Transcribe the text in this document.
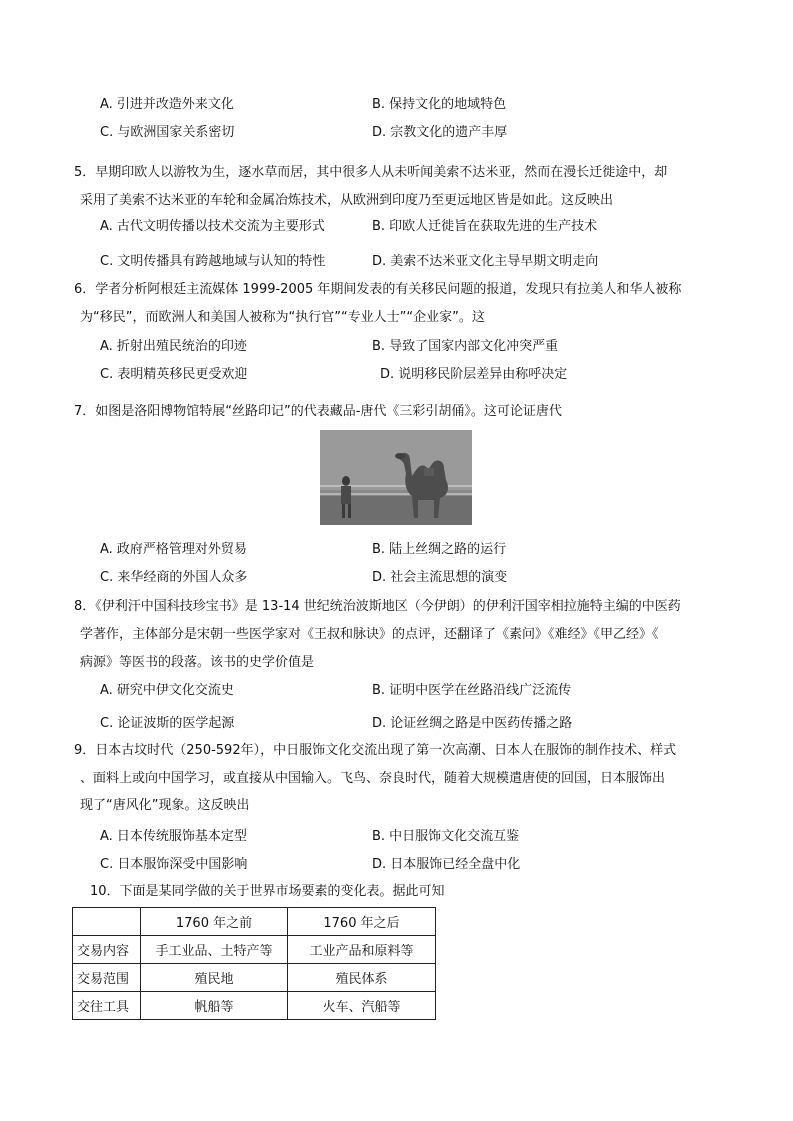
A. 引进并改造外来文化	B. 保持文化的地域特色
C. 与欧洲国家关系密切	D. 宗教文化的遗产丰厚
5．早期印欧人以游牧为生，逐水草而居，其中很多人从未听闻美索不达米亚，然而在漫长迁徙途中，却
采用了美索不达米亚的车轮和金属冶炼技术，从欧洲到印度乃至更远地区皆是如此。这反映出
A. 古代文明传播以技术交流为主要形式	B. 印欧人迁徙旨在获取先进的生产技术
C. 文明传播具有跨越地域与认知的特性	D. 美索不达米亚文化主导早期文明走向
6．学者分析阿根廷主流媒体 1999-2005 年期间发表的有关移民问题的报道，发现只有拉美人和华人被称
为“移民”，而欧洲人和美国人被称为“执行官”“专业人士”“企业家”。这
A. 折射出殖民统治的印迹	B. 导致了国家内部文化冲突严重
C. 表明精英移民更受欢迎	D. 说明移民阶层差异由称呼决定
7．如图是洛阳博物馆特展“丝路印记”的代表藏品-唐代《三彩引胡俑》。这可论证唐代
A. 政府严格管理对外贸易	B. 陆上丝绸之路的运行
C. 来华经商的外国人众多	D. 社会主流思想的演变
8．《伊利汗中国科技珍宝书》是 13-14 世纪统治波斯地区（今伊朗）的伊利汗国宰相拉施特主编的中医药
学著作，主体部分是宋朝一些医学家对《王叔和脉诀》的点评，还翻译了《素问》《难经》《甲乙经》《
病源》等医书的段落。该书的史学价值是
A. 研究中伊文化交流史	B. 证明中医学在丝路沿线广泛流传
C. 论证波斯的医学起源	D. 论证丝绸之路是中医药传播之路
9．日本古坟时代（250-592年），中日服饰文化交流出现了第一次高潮、日本人在服饰的制作技术、样式
、面料上或向中国学习，或直接从中国输入。飞鸟、奈良时代，随着大规模遣唐使的回国，日本服饰出
现了“唐风化”现象。这反映出
A. 日本传统服饰基本定型	B. 中日服饰文化交流互鉴
C. 日本服饰深受中国影响	D. 日本服饰已经全盘中化
10．下面是某同学做的关于世界市场要素的变化表。据此可知
	1760 年之前	1760 年之后
交易内容	手工业品、土特产等	工业产品和原料等
交易范围	殖民地	殖民体系
交往工具	帆船等	火车、汽船等
